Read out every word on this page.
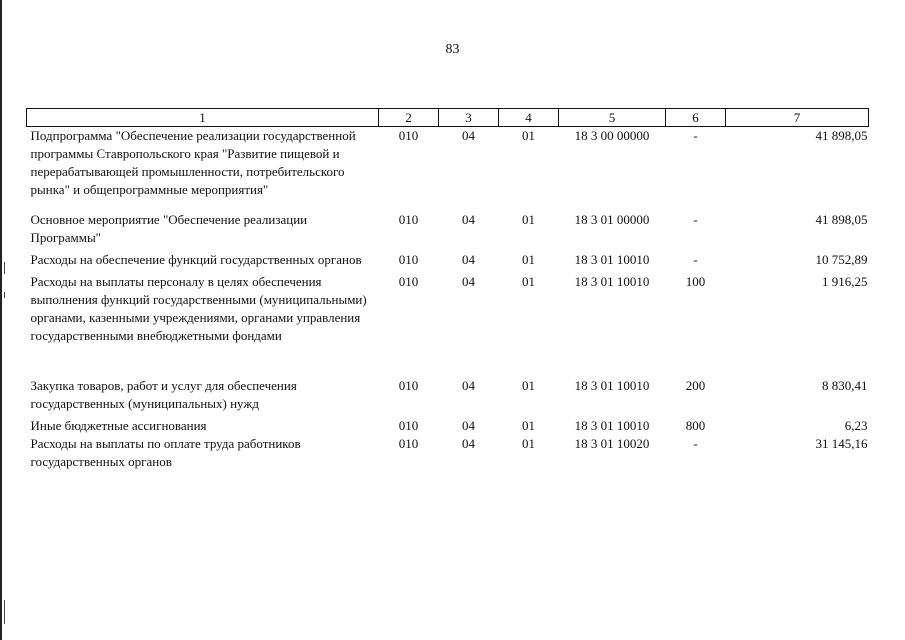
83
1	2	3	4	5	6	7
Подпрограмма "Обеспечение реализации государственной программы Ставропольского края "Развитие пищевой и перерабатывающей промышленности, потребительского рынка" и общепрограммные мероприятия"	010	04	01	18 3 00 00000	-	41 898,05
Основное мероприятие "Обеспечение реализации Программы"	010	04	01	18 3 01 00000	-	41 898,05
Расходы на обеспечение функций государственных органов	010	04	01	18 3 01 10010	-	10 752,89
Расходы на выплаты персоналу в целях обеспечения выполнения функций государственными (муниципальными) органами, казенными учреждениями, органами управления государственными внебюджетными фондами	010	04	01	18 3 01 10010	100	1 916,25
Закупка товаров, работ и услуг для обеспечения государственных (муниципальных) нужд	010	04	01	18 3 01 10010	200	8 830,41
Иные бюджетные ассигнования	010	04	01	18 3 01 10010	800	6,23
Расходы на выплаты по оплате труда работников государственных органов	010	04	01	18 3 01 10020	-	31 145,16
